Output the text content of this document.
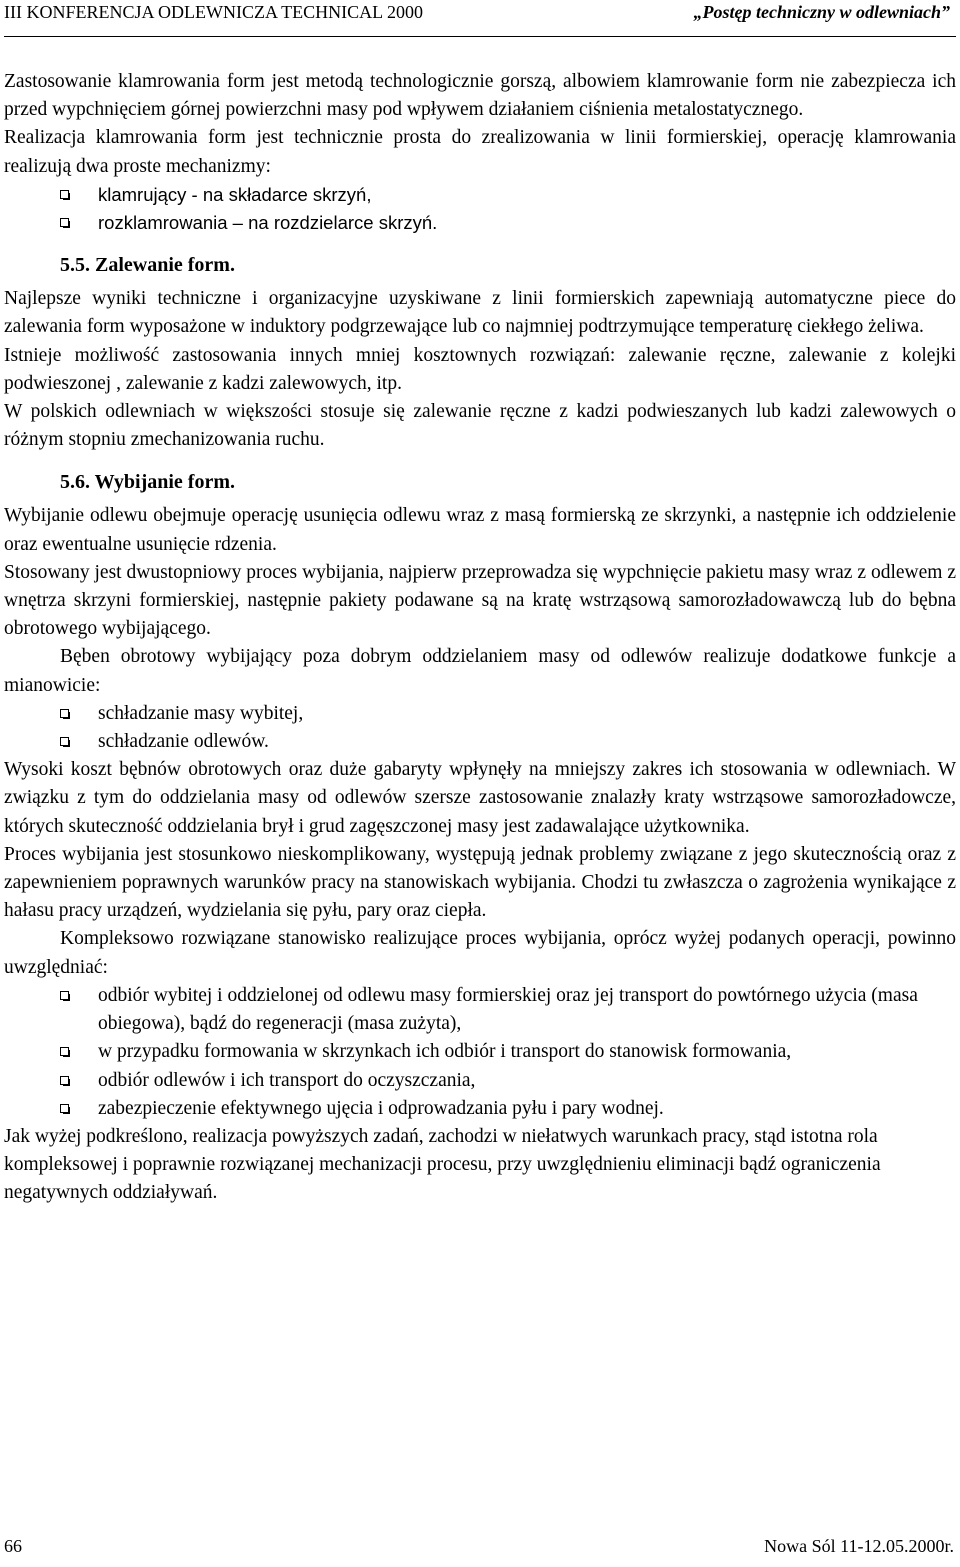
III KONFERENCJA ODLEWNICZA TECHNICAL 2000	„Postęp techniczny w odlewniach”

Zastosowanie klamrowania form jest metodą technologicznie gorszą, albowiem klamrowanie form nie zabezpiecza ich przed wypchnięciem górnej powierzchni masy pod wpływem działaniem ciśnienia metalostatycznego.

Realizacja klamrowania form jest technicznie prosta do zrealizowania w linii formierskiej, operację klamrowania realizują dwa proste mechanizmy:

klamrujący - na składarce skrzyń,
rozklamrowania – na rozdzielarce skrzyń.
5.5. Zalewanie form.

Najlepsze wyniki techniczne i organizacyjne uzyskiwane z linii formierskich zapewniają automatyczne piece do zalewania form wyposażone w induktory podgrzewające lub co najmniej podtrzymujące temperaturę ciekłego żeliwa.

Istnieje możliwość zastosowania innych mniej kosztownych rozwiązań: zalewanie ręczne, zalewanie z kolejki podwieszonej , zalewanie z kadzi zalewowych, itp.

W polskich odlewniach w większości stosuje się zalewanie ręczne z kadzi podwieszanych lub kadzi zalewowych o różnym stopniu zmechanizowania ruchu.

5.6. Wybijanie form.

Wybijanie odlewu obejmuje operację usunięcia odlewu wraz z masą formierską ze skrzynki, a następnie ich oddzielenie oraz ewentualne usunięcie rdzenia.

Stosowany jest dwustopniowy proces wybijania, najpierw przeprowadza się wypchnięcie pakietu masy wraz z odlewem z wnętrza skrzyni formierskiej, następnie pakiety podawane są na kratę wstrząsową samorozładowawczą lub do bębna obrotowego wybijającego.

Bęben obrotowy wybijający poza dobrym oddzielaniem masy od odlewów realizuje dodatkowe funkcje a mianowicie:

schładzanie masy wybitej,
schładzanie odlewów.

Wysoki koszt bębnów obrotowych oraz duże gabaryty wpłynęły na mniejszy zakres ich stosowania w odlewniach. W związku z tym do oddzielania masy od odlewów szersze zastosowanie znalazły kraty wstrząsowe samorozładowcze, których skuteczność oddzielania brył i grud zagęszczonej masy jest zadawalające użytkownika.

Proces wybijania jest stosunkowo nieskomplikowany, występują jednak problemy związane z jego skutecznością oraz z zapewnieniem poprawnych warunków pracy na stanowiskach wybijania. Chodzi tu zwłaszcza o zagrożenia wynikające z hałasu pracy urządzeń, wydzielania się pyłu, pary oraz ciepła.

Kompleksowo rozwiązane stanowisko realizujące proces wybijania, oprócz wyżej podanych operacji, powinno uwzględniać:

odbiór wybitej i oddzielonej od odlewu masy formierskiej oraz jej transport do powtórnego użycia (masa obiegowa), bądź do regeneracji (masa zużyta),
w przypadku formowania w skrzynkach ich odbiór i transport do stanowisk formowania,
odbiór odlewów i ich transport do oczyszczania,
zabezpieczenie efektywnego ujęcia i odprowadzania pyłu i pary wodnej.

Jak wyżej podkreślono, realizacja powyższych zadań, zachodzi w niełatwych warunkach pracy, stąd istotna rola kompleksowej i poprawnie rozwiązanej mechanizacji procesu, przy uwzględnieniu eliminacji bądź ograniczenia negatywnych oddziaływań.

66	Nowa Sól 11-12.05.2000r.
